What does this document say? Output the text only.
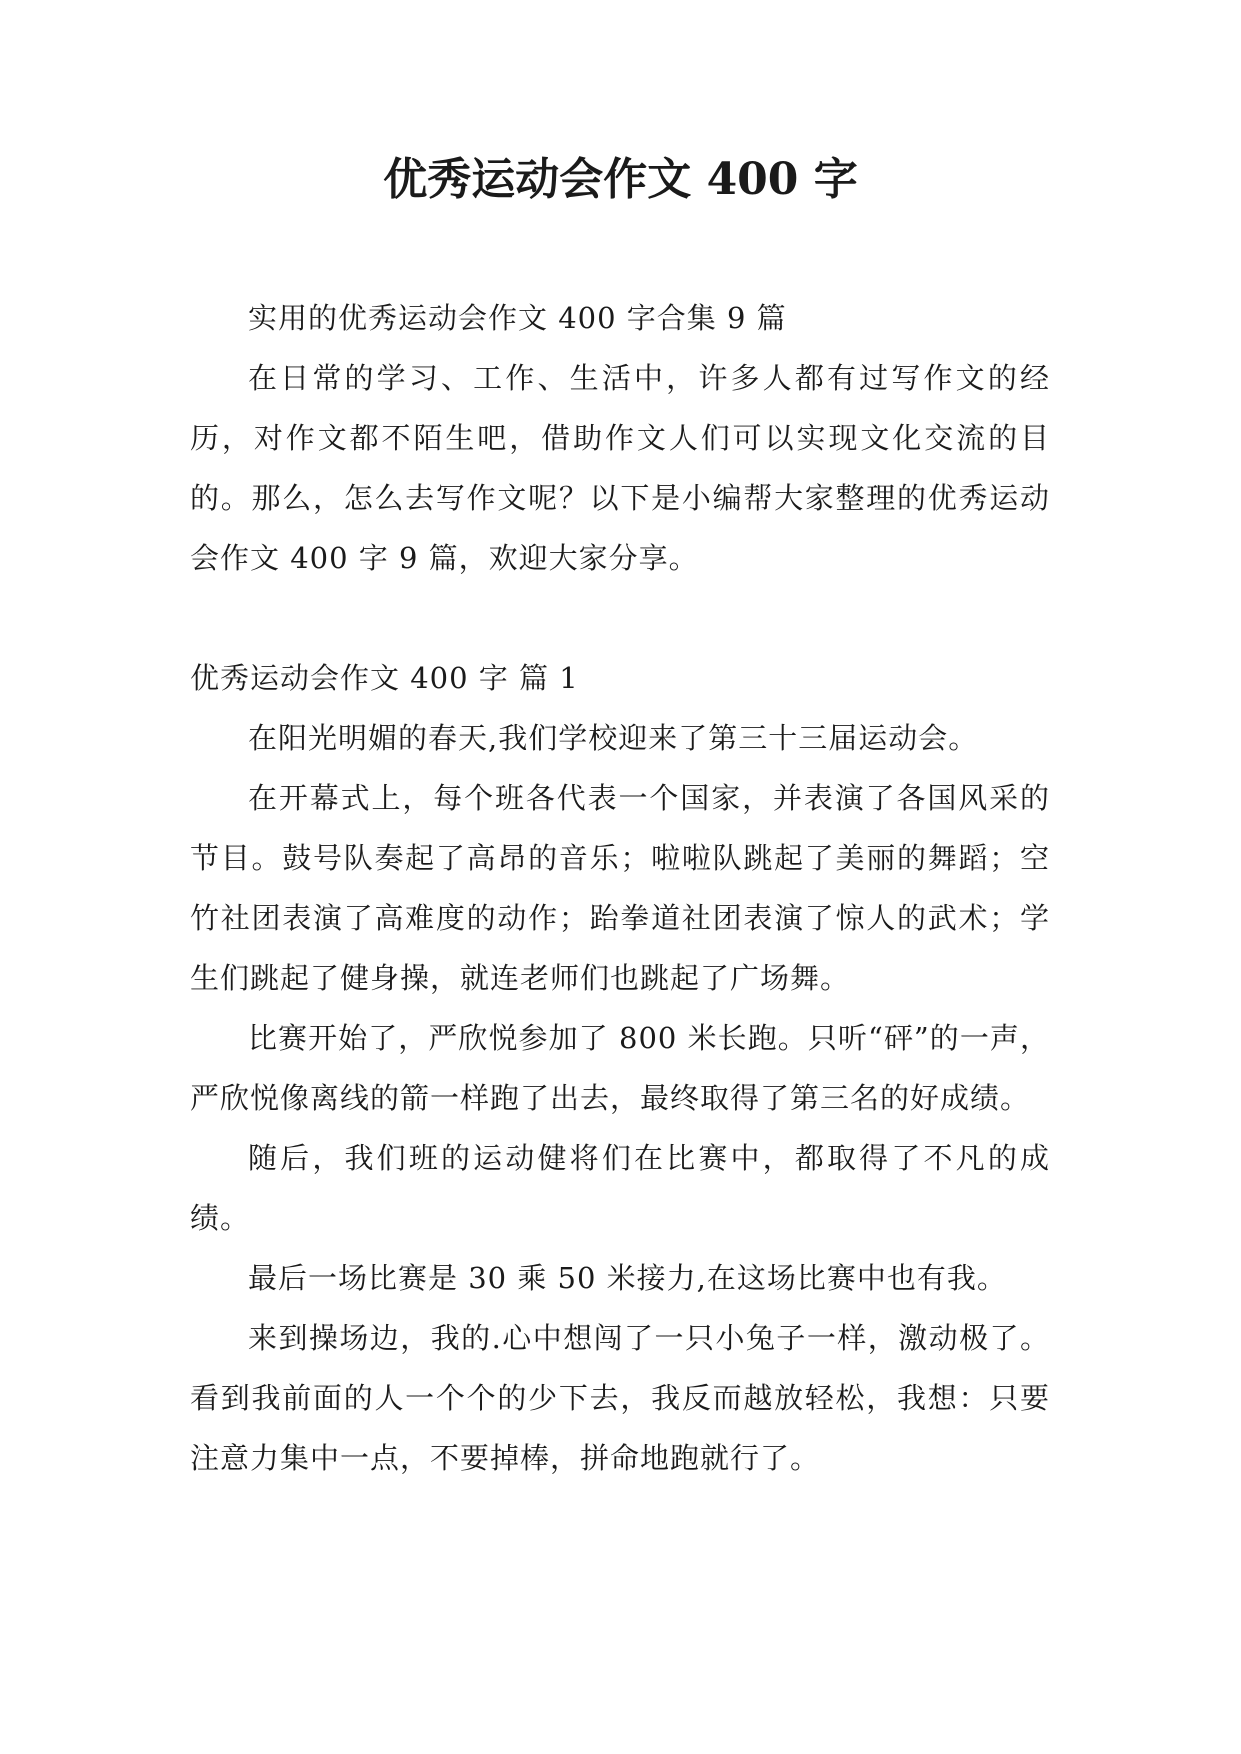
优秀运动会作文 400 字

实用的优秀运动会作文 400 字合集 9 篇

在日常的学习、工作、生活中，许多人都有过写作文的经历，对作文都不陌生吧，借助作文人们可以实现文化交流的目的。那么，怎么去写作文呢？以下是小编帮大家整理的优秀运动会作文 400 字 9 篇，欢迎大家分享。

优秀运动会作文 400 字 篇 1

在阳光明媚的春天,我们学校迎来了第三十三届运动会。

在开幕式上，每个班各代表一个国家，并表演了各国风采的节目。鼓号队奏起了高昂的音乐；啦啦队跳起了美丽的舞蹈；空竹社团表演了高难度的动作；跆拳道社团表演了惊人的武术；学生们跳起了健身操，就连老师们也跳起了广场舞。

比赛开始了，严欣悦参加了 800 米长跑。只听“砰”的一声，严欣悦像离线的箭一样跑了出去，最终取得了第三名的好成绩。

随后，我们班的运动健将们在比赛中，都取得了不凡的成绩。

最后一场比赛是 30 乘 50 米接力,在这场比赛中也有我。

来到操场边，我的.心中想闯了一只小兔子一样，激动极了。看到我前面的人一个个的少下去，我反而越放轻松，我想：只要注意力集中一点，不要掉棒，拼命地跑就行了。
